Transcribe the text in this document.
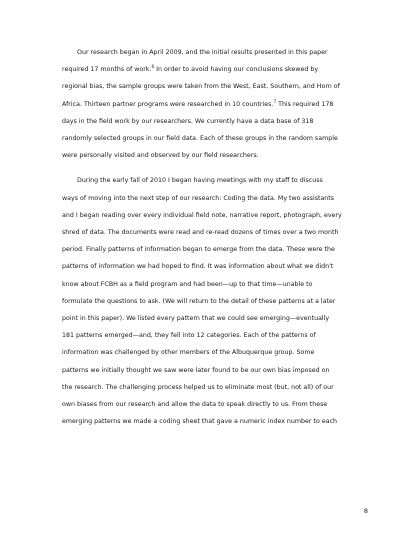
Our research began in April 2009, and the initial results presented in this paper
required 17 months of work.$^6$ In order to avoid having our conclusions skewed by
regional bias, the sample groups were taken from the West, East, Southern, and Horn of
Africa. Thirteen partner programs were researched in 10 countries.$^7$ This required 178
days in the field work by our researchers. We currently have a data base of 318
randomly selected groups in our field data. Each of these groups in the random sample
were personally visited and observed by our field researchers.

During the early fall of 2010 I began having meetings with my staff to discuss
ways of moving into the next step of our research: Coding the data. My two assistants
and I began reading over every individual field note, narrative report, photograph, every
shred of data. The documents were read and re-read dozens of times over a two month
period. Finally patterns of information began to emerge from the data. These were the
patterns of information we had hoped to find. It was information about what we didn't
know about FCBH as a field program and had been—up to that time—unable to
formulate the questions to ask. (We will return to the detail of these patterns at a later
point in this paper). We listed every pattern that we could see emerging—eventually
181 patterns emerged—and, they fell into 12 categories. Each of the patterns of
information was challenged by other members of the Albuquerque group. Some
patterns we initially thought we saw were later found to be our own bias imposed on
the research. The challenging process helped us to eliminate most (but, not all) of our
own biases from our research and allow the data to speak directly to us. From these
emerging patterns we made a coding sheet that gave a numeric index number to each

8
